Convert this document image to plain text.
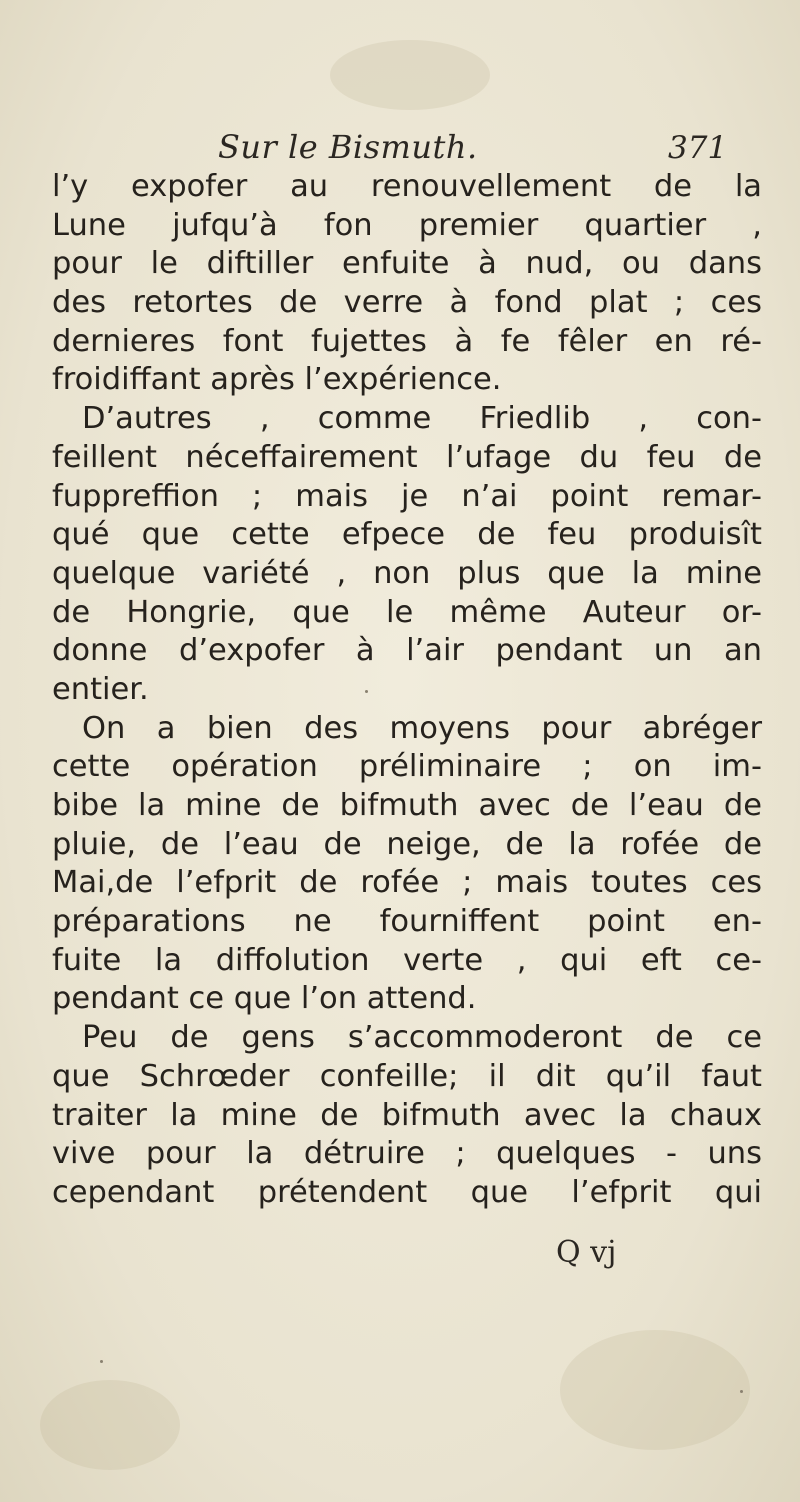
Sur le Bismuth.	371
l’y expofer au renouvellement de la
Lune jufqu’à fon premier quartier ,
pour le diftiller enfuite à nud, ou dans
des retortes de verre à fond plat ; ces
dernieres font fujettes à fe fêler en ré-
froidiffant après l’expérience.
D’autres , comme Friedlib , con-
feillent néceffairement l’ufage du feu de
fuppreffion ; mais je n’ai point remar-
qué que cette efpece de feu produisît
quelque variété , non plus que la mine
de Hongrie, que le même Auteur or-
donne d’expofer à l’air pendant un an
entier.
On a bien des moyens pour abréger
cette opération préliminaire ; on im-
bibe la mine de bifmuth avec de l’eau de
pluie, de l’eau de neige, de la rofée de
Mai,de l’efprit de rofée ; mais toutes ces
préparations ne fourniffent point en-
fuite la diffolution verte , qui eft ce-
pendant ce que l’on attend.
Peu de gens s’accommoderont de ce
que Schrœder confeille; il dit qu’il faut
traiter la mine de bifmuth avec la chaux
vive pour la détruire ; quelques - uns
cependant prétendent que l’efprit qui
Q vj
